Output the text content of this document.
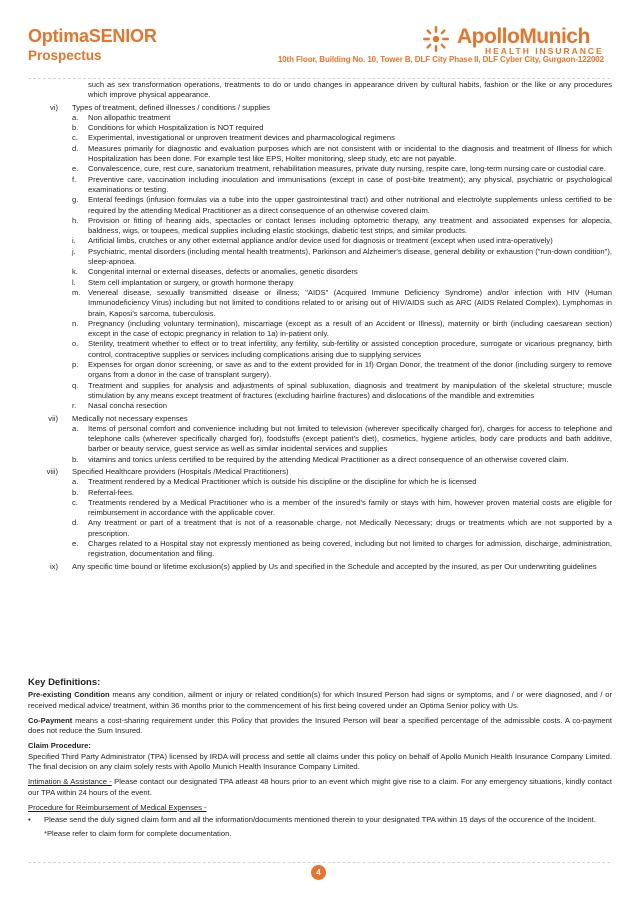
OptimaSENIOR
Prospectus
ApolloMunich
HEALTH INSURANCE
10th Floor, Building No. 10, Tower B, DLF City Phase II, DLF Cyber City, Gurgaon-122002
such as sex transformation operations, treatments to do or undo changes in appearance driven by cultural habits, fashion or the like or any procedures which improve physical appearance.
vi)	Types of treatment, defined illnesses / conditions / supplies
a.	Non allopathic treatment
b.	Conditions for which Hospitalization is NOT required
c.	Experimental, investigational or unproven treatment devices and pharmacological regimens
d.	Measures primarily for diagnostic and evaluation purposes which are not consistent with or incidental to the diagnosis and treatment of Illness for which Hospitalization has been done. For example test like EPS, Holter monitoring, sleep study, etc are not payable.
e.	Convalescence, cure, rest cure, sanatorium treatment, rehabilitation measures, private duty nursing, respite care, long-term nursing care or custodial care.
f.	Preventive care, vaccination including inoculation and immunisations (except in case of post-bite treatment); any physical, psychiatric or psychological examinations or testing.
g.	Enteral feedings (infusion formulas via a tube into the upper gastrointestinal tract) and other nutritional and electrolyte supplements unless certified to be required by the attending Medical Practitioner as a direct consequence of an otherwise covered claim.
h.	Provision or fitting of hearing aids, spectacles or contact lenses including optometric therapy, any treatment and associated expenses for alopecia, baldness, wigs, or toupees, medical supplies including elastic stockings, diabetic test strips, and similar products.
i.	Artificial limbs, crutches or any other external appliance and/or device used for diagnosis or treatment (except when used intra-operatively)
j.	Psychiatric, mental disorders (including mental health treatments), Parkinson and Alzheimer's disease, general debility or exhaustion ("run-down condition"), sleep-apnoea.
k.	Congenital internal or external diseases, defects or anomalies, genetic disorders
l.	Stem cell implantation or surgery, or growth hormone therapy
m. Venereal disease, sexually transmitted disease or illness; "AIDS" (Acquired Immune Deficiency Syndrome) and/or infection with HIV (Human Immunodeficiency Virus) including but not limited to conditions related to or arising out of HIV/AIDS such as ARC (AIDS Related Complex), Lymphomas in brain, Kaposi's sarcoma, tuberculosis.
n.	Pregnancy (including voluntary termination), miscarriage (except as a result of an Accident or Illness), maternity or birth (including caesarean section) except in the case of ectopic pregnancy in relation to 1a) in-patient only.
o.	Sterility, treatment whether to effect or to treat infertility, any fertility, sub-fertility or assisted conception procedure, surrogate or vicarious pregnancy, birth control, contraceptive supplies or services including complications arising due to supplying services
p.	Expenses for organ donor screening, or save as and to the extent provided for in 1f) Organ Donor, the treatment of the donor (including surgery to remove organs from a donor in the case of transplant surgery).
q.	Treatment and supplies for analysis and adjustments of spinal subluxation, diagnosis and treatment by manipulation of the skeletal structure; muscle stimulation by any means except treatment of fractures (excluding hairline fractures) and dislocations of the mandible and extremities
r.	Nasal concha resection
vii)	Medically not necessary expenses
a.	Items of personal comfort and convenience including but not limited to television (wherever specifically charged for), charges for access to telephone and telephone calls (wherever specifically charged for), foodstuffs (except patient's diet), cosmetics, hygiene articles, body care products and bath additive, barber or beauty service, guest service as well as similar incidental services and supplies
b.	vitamins and tonics unless certified to be required by the attending Medical Practitioner as a direct consequence of an otherwise covered claim.
viii)	Specified Healthcare providers (Hospitals /Medical Practitioners)
a.	Treatment rendered by a Medical Practitioner which is outside his discipline or the discipline for which he is licensed
b.	Referral-fees.
c.	Treatments rendered by a Medical Practitioner who is a member of the insured's family or stays with him, however proven material costs are eligible for reimbursement in accordance with the applicable cover.
d.	Any treatment or part of a treatment that is not of a reasonable charge, not Medically Necessary; drugs or treatments which are not supported by a prescription.
e.	Charges related to a Hospital stay not expressly mentioned as being covered, including but not limited to charges for admission, discharge, administration, registration, documentation and filing.
ix)	Any specific time bound or lifetime exclusion(s) applied by Us and specified in the Schedule and accepted by the insured, as per Our underwriting guidelines
Key Definitions:
Pre-existing Condition means any condition, ailment or injury or related condition(s) for which Insured Person had signs or symptoms, and / or were diagnosed, and / or received medical advice/ treatment, within 36 months prior to the commencement of his first being covered under an Optima Senior policy with Us.
Co-Payment means a cost-sharing requirement under this Policy that provides the Insured Person will bear a specified percentage of the admissible costs. A co-payment does not reduce the Sum Insured.
Claim Procedure:
Specified Third Party Administrator (TPA) licensed by IRDA will process and settle all claims under this policy on behalf of Apollo Munich Health Insurance Company Limited. The final decision on any claim solely rests with Apollo Munich Health Insurance Company Limited.
Intimation & Assistance - Please contact our designated TPA atleast 48 hours prior to an event which might give rise to a claim. For any emergency situations, kindly contact our TPA within 24 hours of the event.
Procedure for Reimbursement of Medical Expenses -
•	Please send the duly signed claim form and all the information/documents mentioned therein to your designated TPA within 15 days of the occurence of the Incident.
*Please refer to claim form for complete documentation.
4
